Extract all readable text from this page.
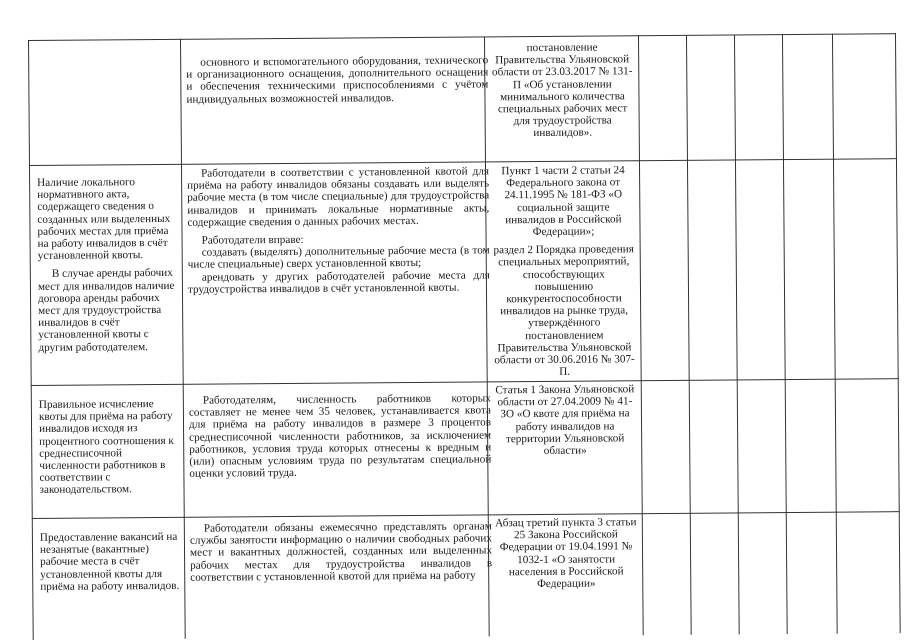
основного и вспомогательного оборудования, технического и организационного оснащения, дополнительного оснащения и обеспечения техническими приспособлениями с учётом индивидуальных возможностей инвалидов.

постановление Правительства Ульяновской области от 23.03.2017 № 131-П «Об установлении минимального количества специальных рабочих мест для трудоустройства инвалидов».

Наличие локального нормативного акта, содержащего сведения о созданных или выделенных рабочих местах для приёма на работу инвалидов в счёт установленной квоты.

В случае аренды рабочих мест для инвалидов наличие договора аренды рабочих мест для трудоустройства инвалидов в счёт установленной квоты с другим работодателем.

Работодатели в соответствии с установленной квотой для приёма на работу инвалидов обязаны создавать или выделять рабочие места (в том числе специальные) для трудоустройства инвалидов и принимать локальные нормативные акты, содержащие сведения о данных рабочих местах.

Работодатели вправе:

создавать (выделять) дополнительные рабочие места (в том числе специальные) сверх установленной квоты;

арендовать у других работодателей рабочие места для трудоустройства инвалидов в счёт установленной квоты.

Пункт 1 части 2 статьи 24 Федерального закона от 24.11.1995 № 181-ФЗ «О социальной защите инвалидов в Российской Федерации»;

раздел 2 Порядка проведения специальных мероприятий, способствующих повышению конкурентоспособности инвалидов на рынке труда, утверждённого постановлением Правительства Ульяновской области от 30.06.2016 № 307-П.

Правильное исчисление квоты для приёма на работу инвалидов исходя из процентного соотношения к среднесписочной численности работников в соответствии с законодательством.

Работодателям, численность работников которых составляет не менее чем 35 человек, устанавливается квота для приёма на работу инвалидов в размере 3 процентов среднесписочной численности работников, за исключением работников, условия труда которых отнесены к вредным и (или) опасным условиям труда по результатам специальной оценки условий труда.

Статья 1 Закона Ульяновской области от 27.04.2009 № 41-ЗО «О квоте для приёма на работу инвалидов на территории Ульяновской области»

Предоставление вакансий на незанятые (вакантные) рабочие места в счёт установленной квоты для приёма на работу инвалидов.

Работодатели обязаны ежемесячно представлять органам службы занятости информацию о наличии свободных рабочих мест и вакантных должностей, созданных или выделенных рабочих местах для трудоустройства инвалидов в соответствии с установленной квотой для приёма на работу

Абзац третий пункта 3 статьи 25 Закона Российской Федерации от 19.04.1991 № 1032-1 «О занятости населения в Российской Федерации»
